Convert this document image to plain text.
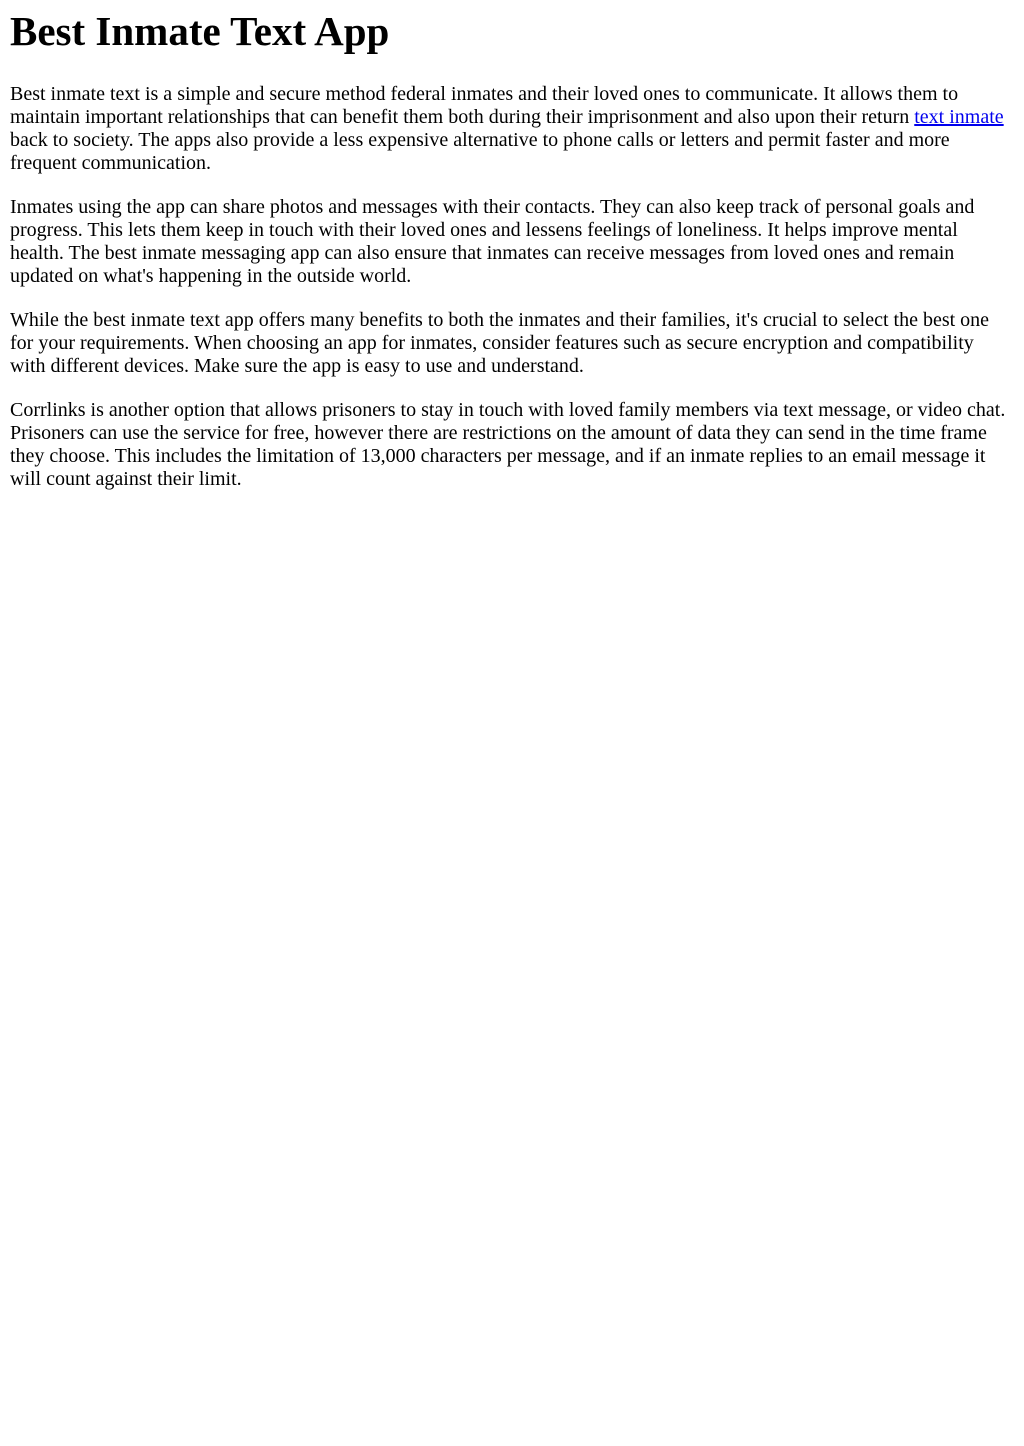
Best Inmate Text App

Best inmate text is a simple and secure method federal inmates and their loved ones to communicate. It allows them to maintain important relationships that can benefit them both during their imprisonment and also upon their return text inmate back to society. The apps also provide a less expensive alternative to phone calls or letters and permit faster and more frequent communication.

Inmates using the app can share photos and messages with their contacts. They can also keep track of personal goals and progress. This lets them keep in touch with their loved ones and lessens feelings of loneliness. It helps improve mental health. The best inmate messaging app can also ensure that inmates can receive messages from loved ones and remain updated on what's happening in the outside world.

While the best inmate text app offers many benefits to both the inmates and their families, it's crucial to select the best one for your requirements. When choosing an app for inmates, consider features such as secure encryption and compatibility with different devices. Make sure the app is easy to use and understand.

Corrlinks is another option that allows prisoners to stay in touch with loved family members via text message, or video chat. Prisoners can use the service for free, however there are restrictions on the amount of data they can send in the time frame they choose. This includes the limitation of 13,000 characters per message, and if an inmate replies to an email message it will count against their limit.
